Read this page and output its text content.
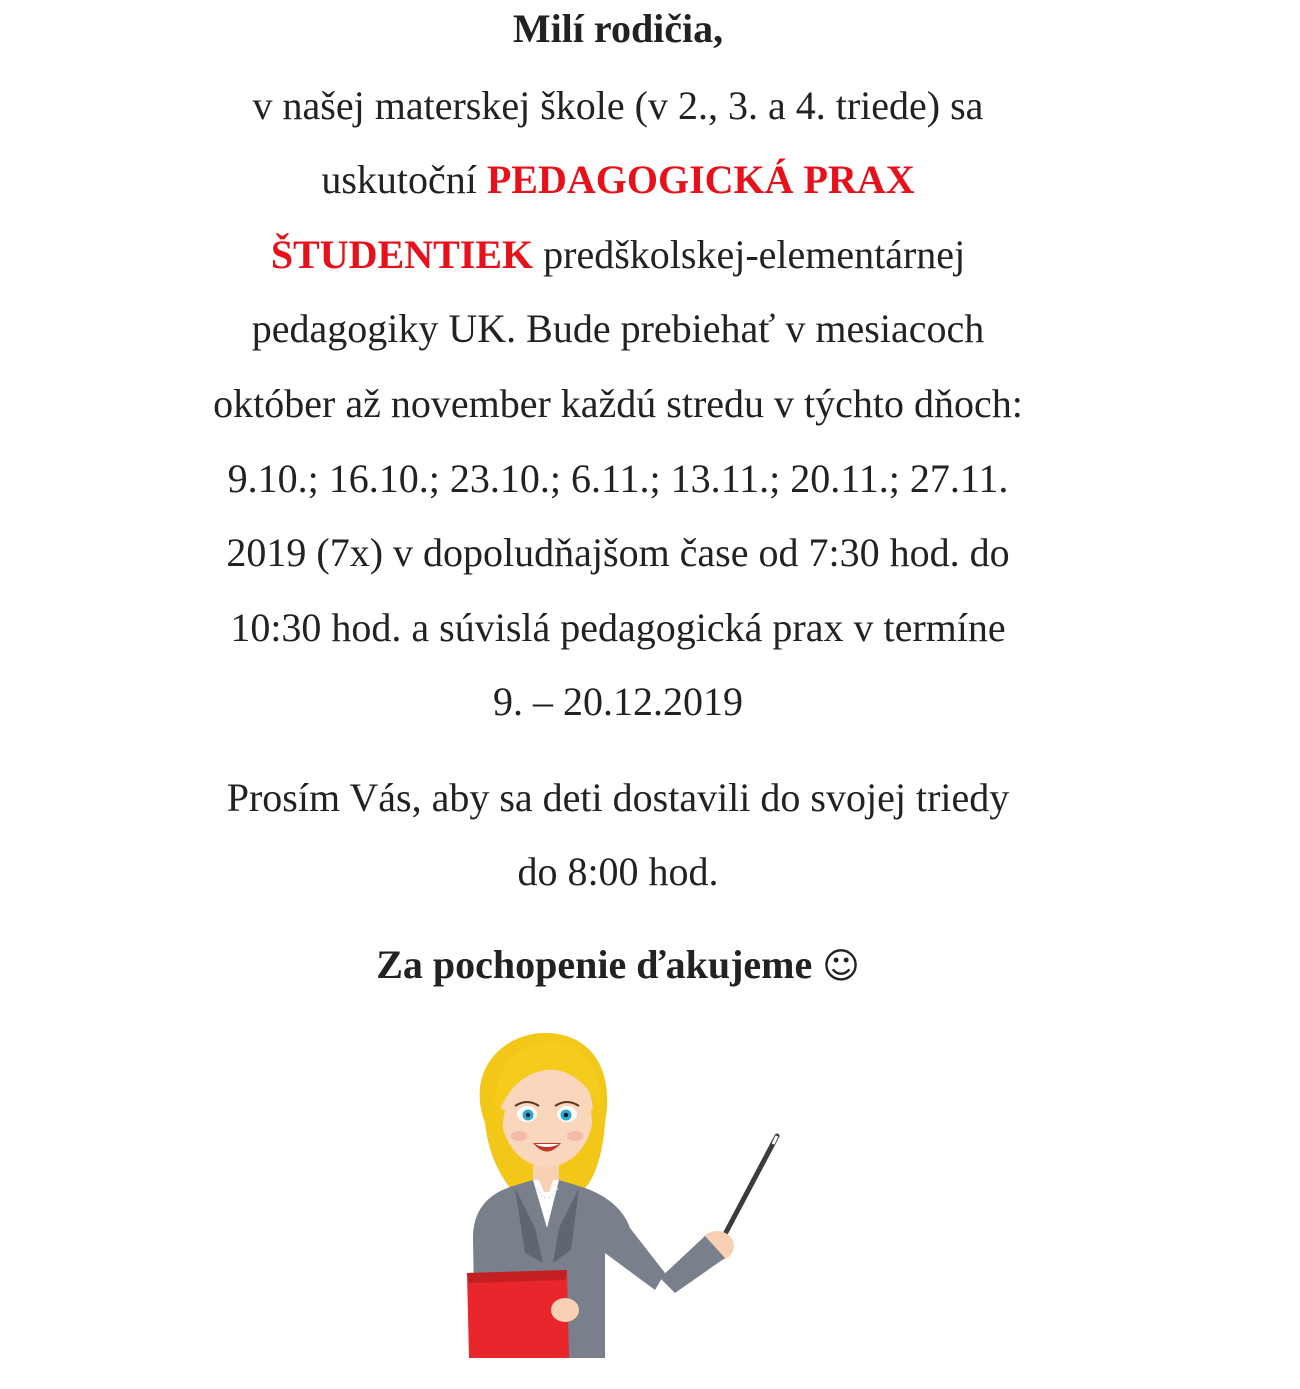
Milí rodičia,
v našej materskej škole (v 2., 3. a 4. triede) sa
uskutoční PEDAGOGICKÁ PRAX
ŠTUDENTIEK predškolskej-elementárnej
pedagogiky UK. Bude prebiehať v mesiacoch
október až november každú stredu v týchto dňoch:
9.10.; 16.10.; 23.10.; 6.11.; 13.11.; 20.11.; 27.11.
2019 (7x) v dopoludňajšom čase od 7:30 hod. do
10:30 hod. a súvislá pedagogická prax v termíne
9. – 20.12.2019
Prosím Vás, aby sa deti dostavili do svojej triedy
do 8:00 hod.
Za pochopenie ďakujeme ☺
